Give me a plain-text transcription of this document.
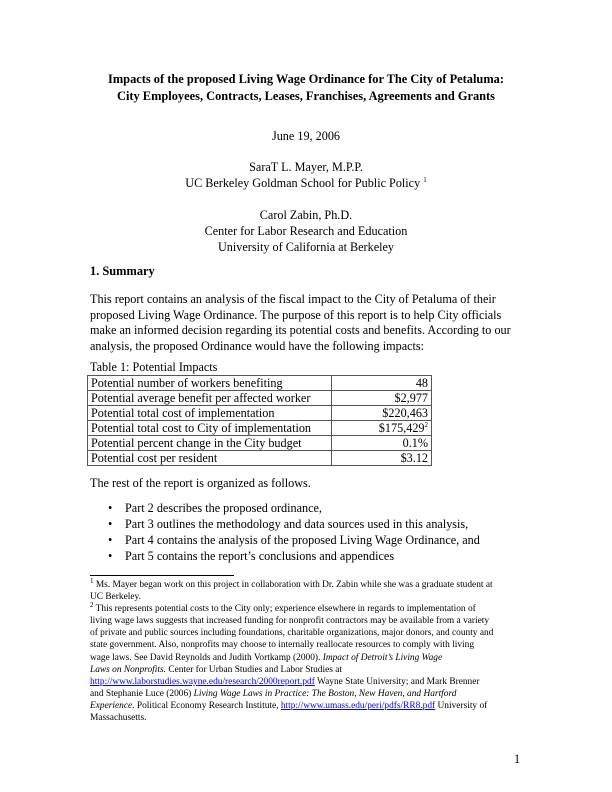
Impacts of the proposed Living Wage Ordinance for The City of Petaluma:
City Employees, Contracts, Leases, Franchises, Agreements and Grants
June 19, 2006
SaraT L. Mayer, M.P.P.
UC Berkeley Goldman School for Public Policy $^1$
Carol Zabin, Ph.D.
Center for Labor Research and Education
University of California at Berkeley
1. Summary
This report contains an analysis of the fiscal impact to the City of Petaluma of their
proposed Living Wage Ordinance. The purpose of this report is to help City officials
make an informed decision regarding its potential costs and benefits. According to our
analysis, the proposed Ordinance would have the following impacts:
Table 1: Potential Impacts
Potential number of workers benefiting	48
Potential average benefit per affected worker	$2,977
Potential total cost of implementation	$220,463
Potential total cost to City of implementation	$175,429$^2$
Potential percent change in the City budget	0.1%
Potential cost per resident	$3.12
The rest of the report is organized as follows.
• Part 2 describes the proposed ordinance,
• Part 3 outlines the methodology and data sources used in this analysis,
• Part 4 contains the analysis of the proposed Living Wage Ordinance, and
• Part 5 contains the report’s conclusions and appendices
$^1$ Ms. Mayer began work on this project in collaboration with Dr. Zabin while she was a graduate student at
UC Berkeley.
$^2$ This represents potential costs to the City only; experience elsewhere in regards to implementation of
living wage laws suggests that increased funding for nonprofit contractors may be available from a variety
of private and public sources including foundations, charitable organizations, major donors, and county and
state government. Also, nonprofits may choose to internally reallocate resources to comply with living
wage laws. See David Reynolds and Judith Vortkamp (2000). Impact of Detroit’s Living Wage
Laws on Nonprofits. Center for Urban Studies and Labor Studies at
http://www.laborstudies.wayne.edu/research/2000report.pdf Wayne State University; and Mark Brenner
and Stephanie Luce (2006) Living Wage Laws in Practice: The Boston, New Haven, and Hartford
Experience. Political Economy Research Institute, http://www.umass.edu/peri/pdfs/RR8.pdf University of
Massachusetts.
1
